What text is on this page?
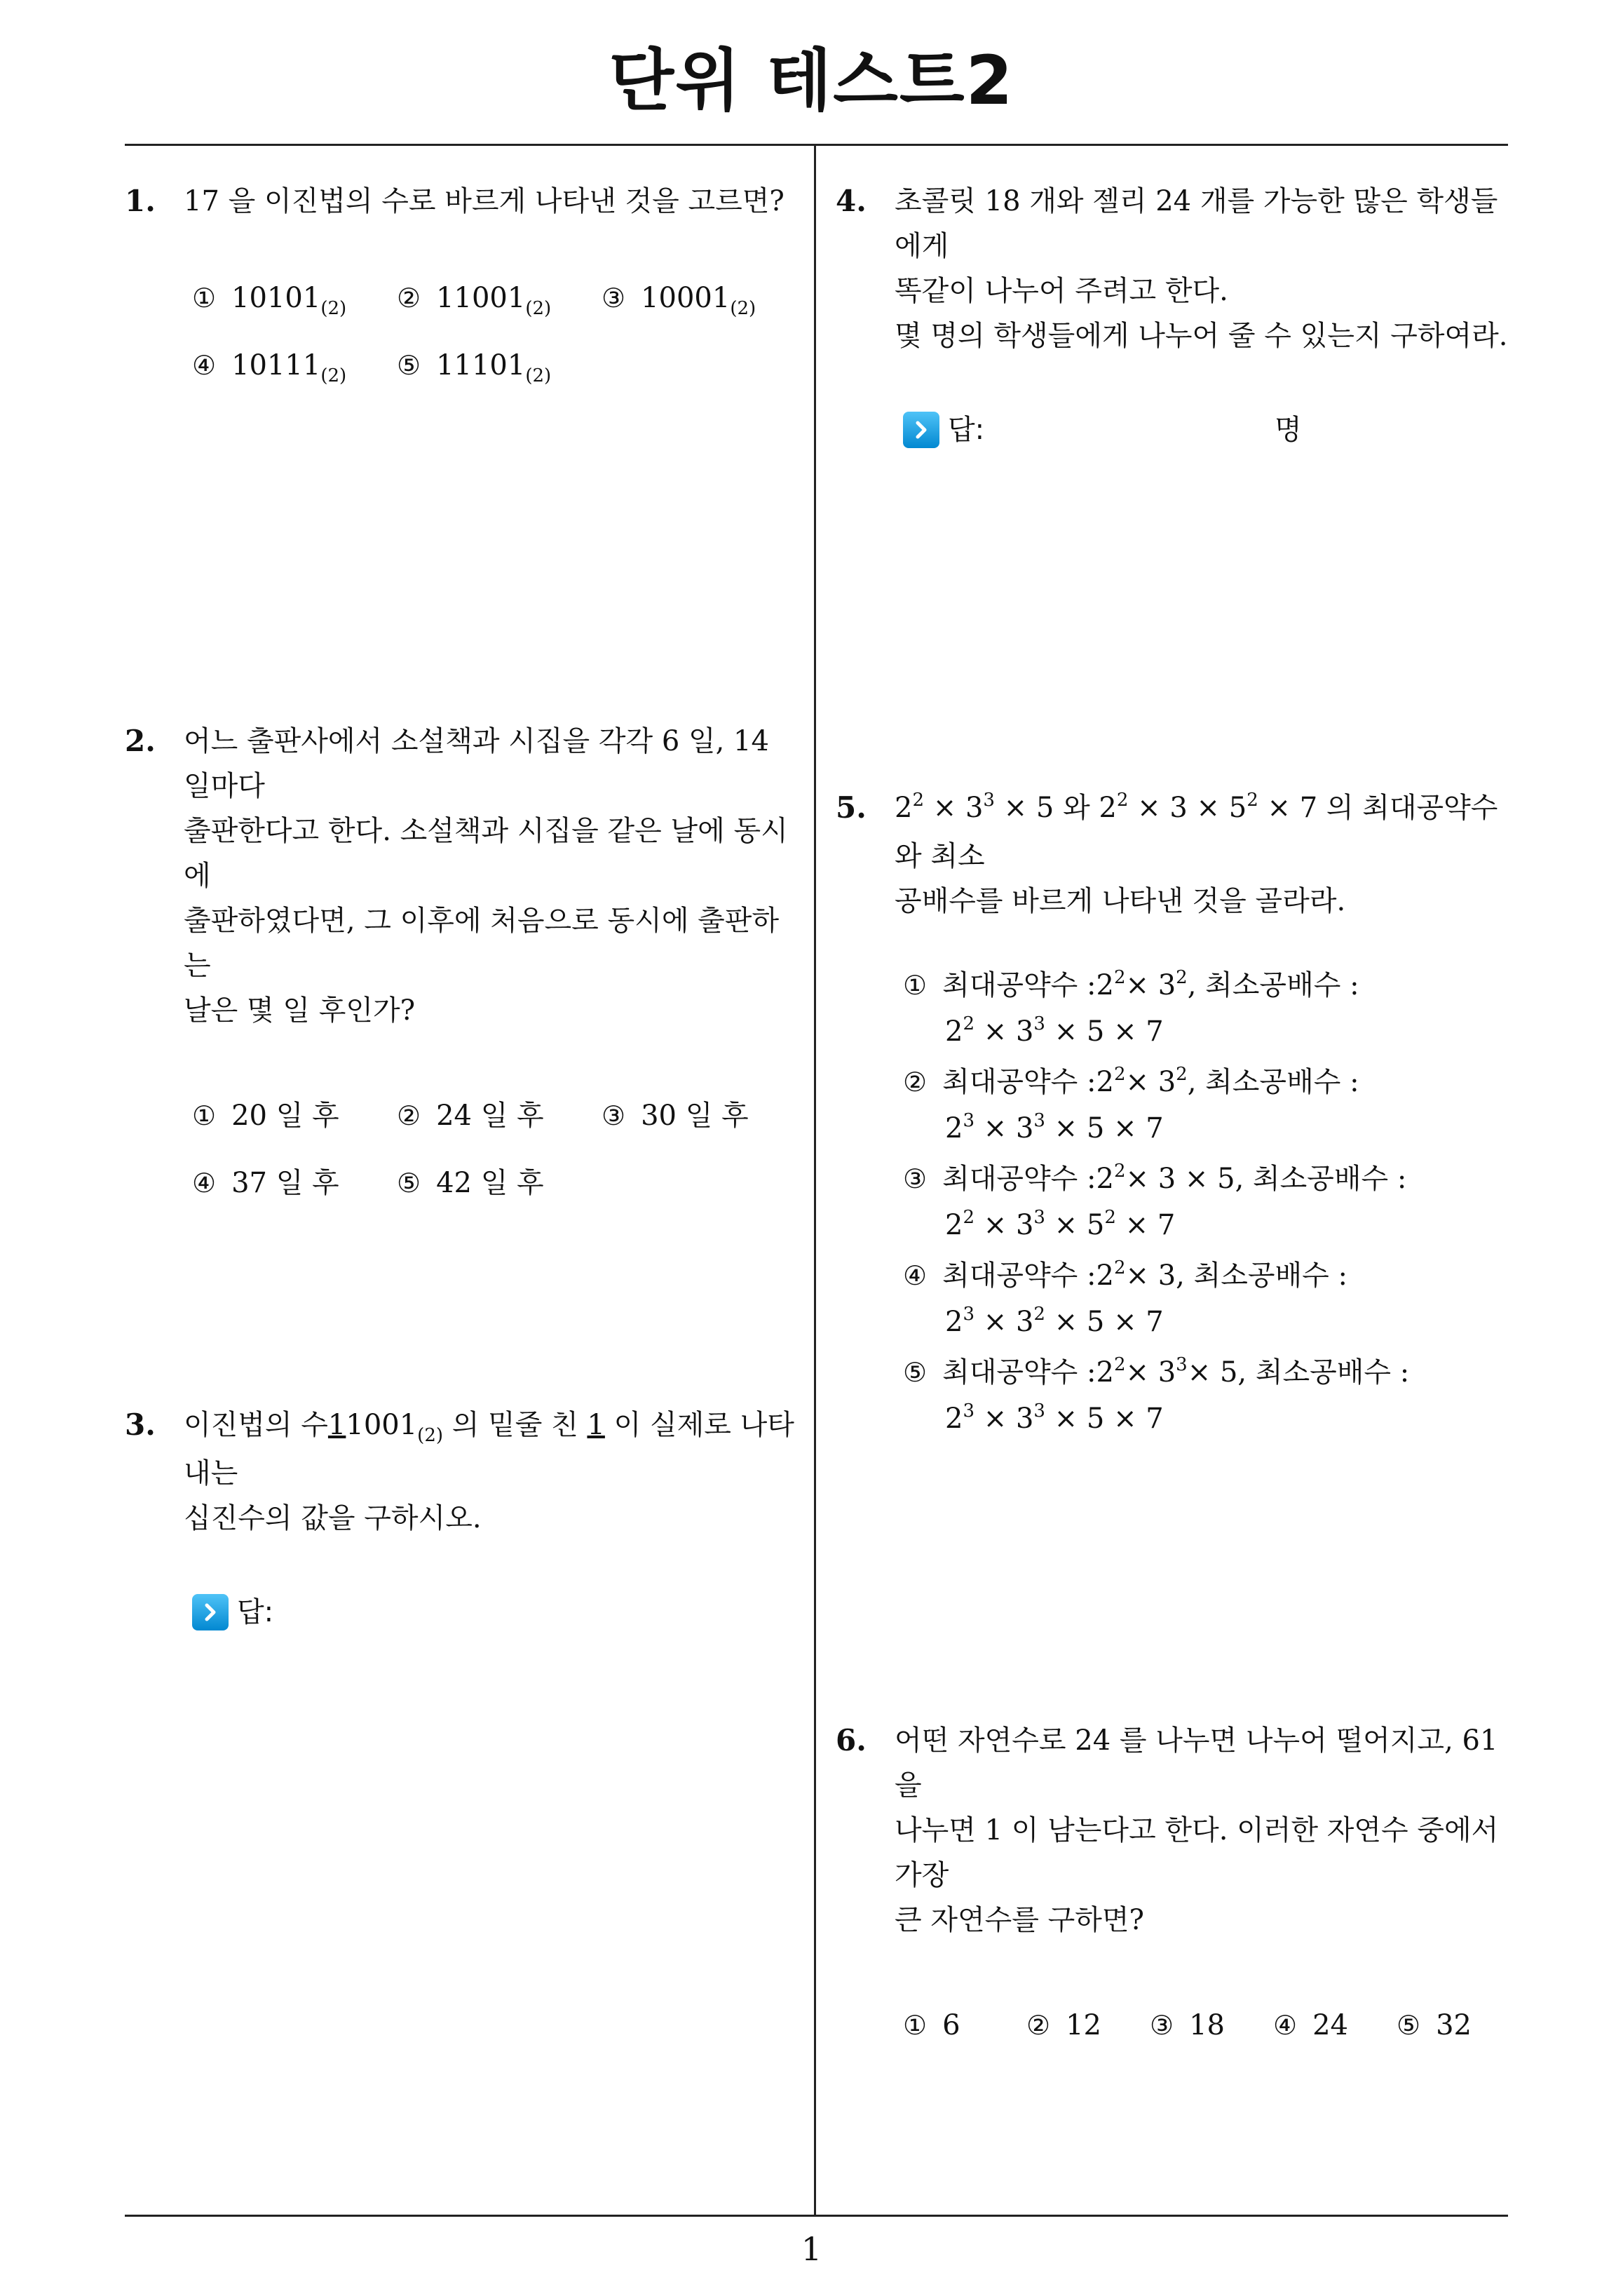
단위 테스트2
1. 17 을 이진법의 수로 바르게 나타낸 것을 고르면?
① 10101 (2) ② 11001 (2) ③ 10001 (2)
④ 10111 (2) ⑤ 11101 (2)
2. 어느 출판사에서 소설책과 시집을 각각 6 일, 14 일마다
출판한다고 한다. 소설책과 시집을 같은 날에 동시에
출판하였다면, 그 이후에 처음으로 동시에 출판하는
날은 몇 일 후인가?
① 20 일 후 ② 24 일 후 ③ 30 일 후
④ 37 일 후 ⑤ 42 일 후
3. 이진법의 수$11001_{(2)}$ 의 밑줄 친 1 이 실제로 나타내는
십진수의 값을 구하시오.
답:
4. 초콜릿 18 개와 젤리 24 개를 가능한 많은 학생들에게
똑같이 나누어 주려고 한다.
몇 명의 학생들에게 나누어 줄 수 있는지 구하여라.
답:	명
5. $2^2 \times 3^3 \times 5$ 와 $2^2 \times 3 \times 5^2 \times 7$ 의 최대공약수와 최소
공배수를 바르게 나타낸 것을 골라라.
① 최대공약수 : 2 2 × 3 2 , 최소공배수 :
$2^2 \times 3^3 \times 5 \times 7$
② 최대공약수 : 2 2 × 3 2 , 최소공배수 :
$2^3 \times 3^3 \times 5 \times 7$
③ 최대공약수 : 2 2 × 3 × 5 , 최소공배수 :
$2^2 \times 3^3 \times 5^2 \times 7$
④ 최대공약수 : 2 2 × 3 , 최소공배수 :
$2^3 \times 3^2 \times 5 \times 7$
⑤ 최대공약수 : 2 2 × 3 3 × 5 , 최소공배수 :
$2^3 \times 3^3 \times 5 \times 7$
6. 어떤 자연수로 24 를 나누면 나누어 떨어지고, 61 을
나누면 1 이 남는다고 한다. 이러한 자연수 중에서 가장
큰 자연수를 구하면?
① 6 ② 12 ③ 18 ④ 24 ⑤ 32
1
